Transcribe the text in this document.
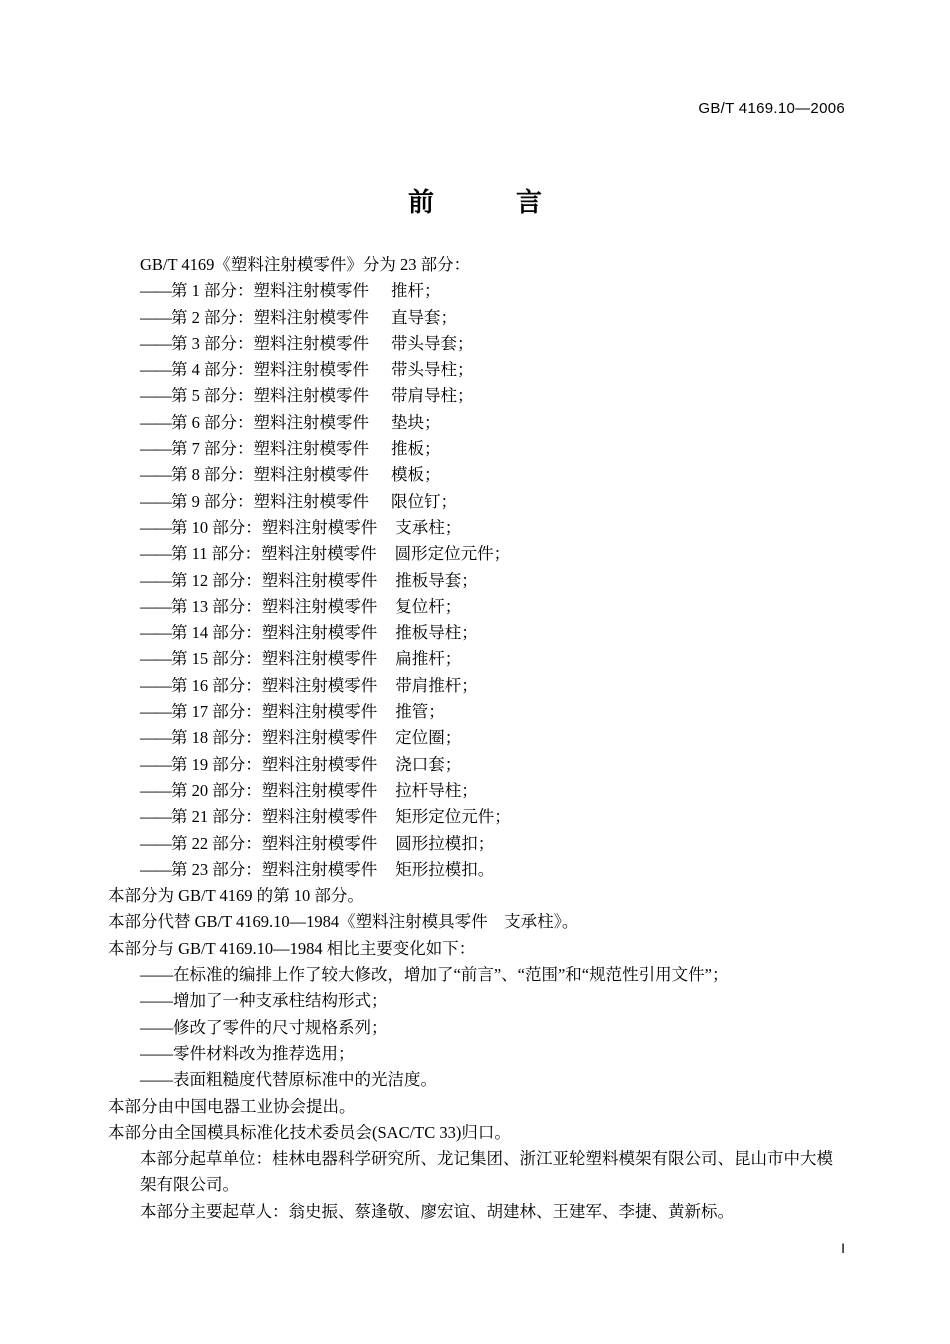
GB/T 4169.10—2006
前　言

GB/T 4169《塑料注射模零件》分为 23 部分：

——第 1 部分：塑料注射模零件 推杆；

——第 2 部分：塑料注射模零件 直导套；

——第 3 部分：塑料注射模零件 带头导套；

——第 4 部分：塑料注射模零件 带头导柱；

——第 5 部分：塑料注射模零件 带肩导柱；

——第 6 部分：塑料注射模零件 垫块；

——第 7 部分：塑料注射模零件 推板；

——第 8 部分：塑料注射模零件 模板；

——第 9 部分：塑料注射模零件 限位钉；

——第 10 部分：塑料注射模零件 支承柱；

——第 11 部分：塑料注射模零件 圆形定位元件；

——第 12 部分：塑料注射模零件 推板导套；

——第 13 部分：塑料注射模零件 复位杆；

——第 14 部分：塑料注射模零件 推板导柱；

——第 15 部分：塑料注射模零件 扁推杆；

——第 16 部分：塑料注射模零件 带肩推杆；

——第 17 部分：塑料注射模零件 推管；

——第 18 部分：塑料注射模零件 定位圈；

——第 19 部分：塑料注射模零件 浇口套；

——第 20 部分：塑料注射模零件 拉杆导柱；

——第 21 部分：塑料注射模零件 矩形定位元件；

——第 22 部分：塑料注射模零件 圆形拉模扣；

——第 23 部分：塑料注射模零件 矩形拉模扣。

本部分为 GB/T 4169 的第 10 部分。

本部分代替 GB/T 4169.10—1984《塑料注射模具零件　支承柱》。

本部分与 GB/T 4169.10—1984 相比主要变化如下：

——在标准的编排上作了较大修改，增加了“前言”、“范围”和“规范性引用文件”；

——增加了一种支承柱结构形式；

——修改了零件的尺寸规格系列；

——零件材料改为推荐选用；

——表面粗糙度代替原标准中的光洁度。

本部分由中国电器工业协会提出。

本部分由全国模具标准化技术委员会(SAC/TC 33)归口。

本部分起草单位：桂林电器科学研究所、龙记集团、浙江亚轮塑料模架有限公司、昆山市中大模架有限公司。

本部分主要起草人：翁史振、蔡逢敬、廖宏谊、胡建林、王建军、李捷、黄新标。

I
